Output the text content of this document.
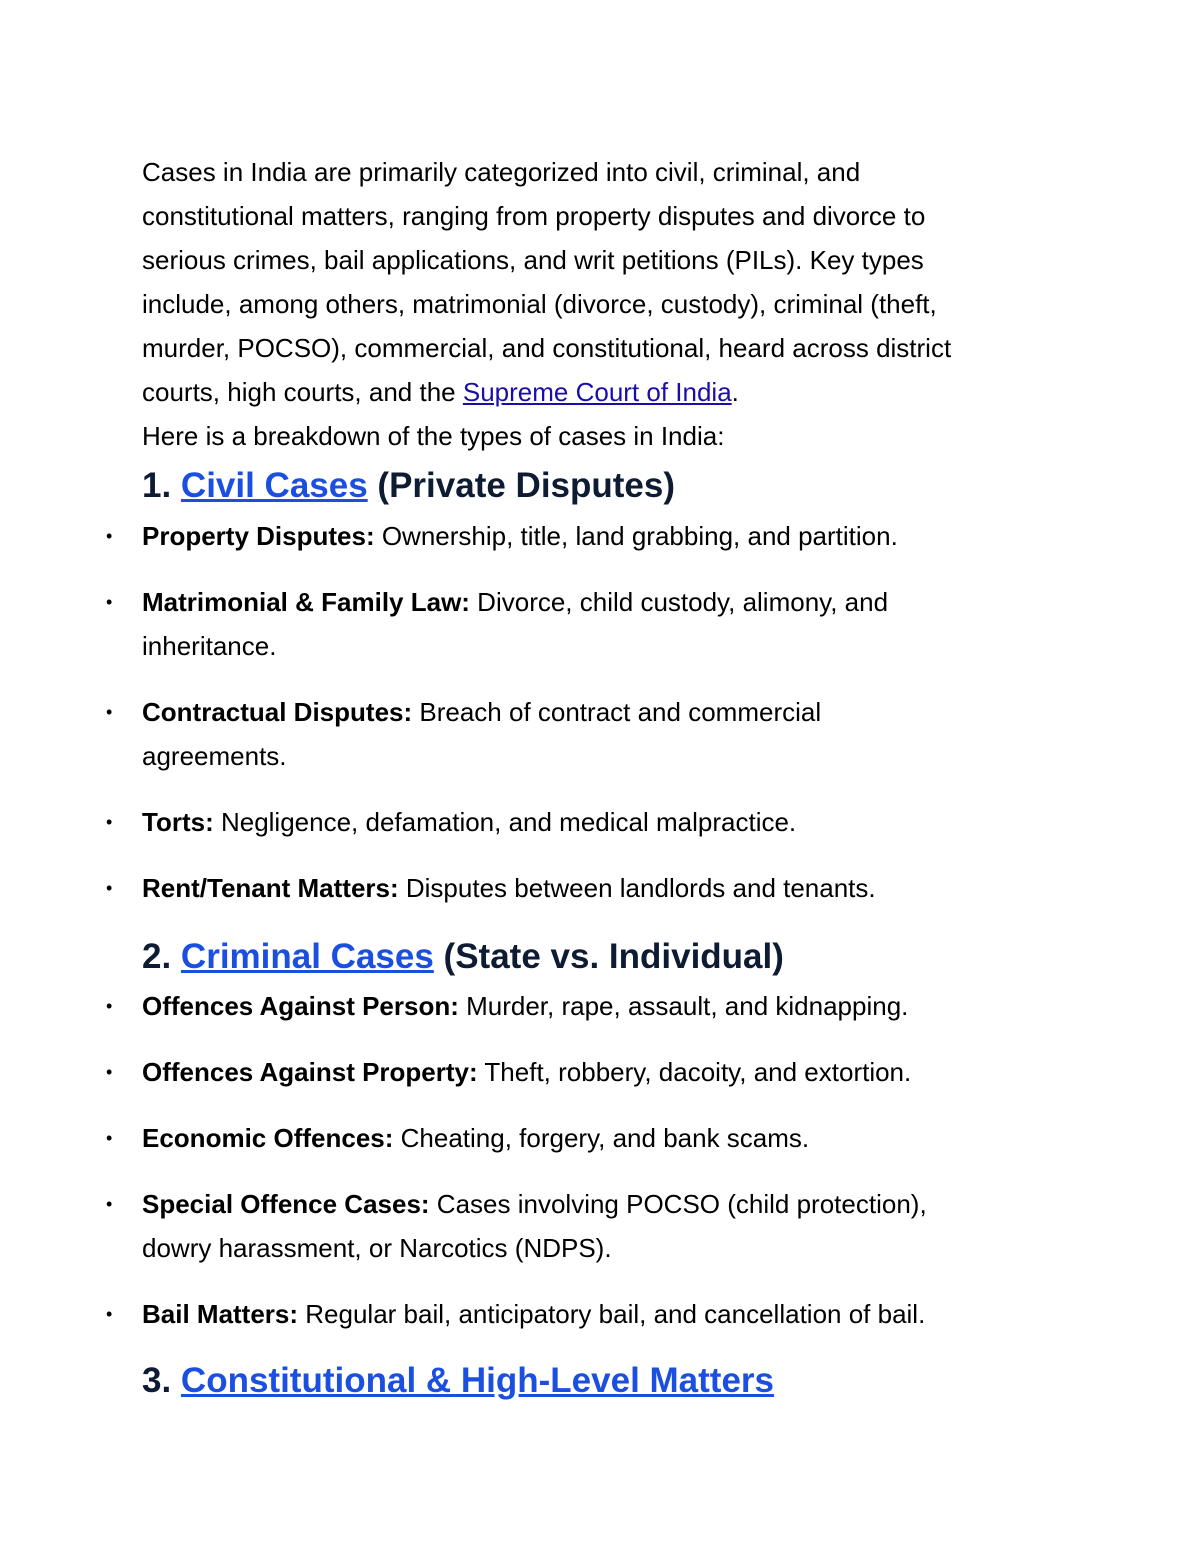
Cases in India are primarily categorized into civil, criminal, and
constitutional matters, ranging from property disputes and divorce to
serious crimes, bail applications, and writ petitions (PILs). Key types
include, among others, matrimonial (divorce, custody), criminal (theft,
murder, POCSO), commercial, and constitutional, heard across district
courts, high courts, and the Supreme Court of India.
Here is a breakdown of the types of cases in India:

1. Civil Cases (Private Disputes)
• Property Disputes: Ownership, title, land grabbing, and partition.
• Matrimonial & Family Law: Divorce, child custody, alimony, and
inheritance.
• Contractual Disputes: Breach of contract and commercial
agreements.
• Torts: Negligence, defamation, and medical malpractice.
• Rent/Tenant Matters: Disputes between landlords and tenants.
2. Criminal Cases (State vs. Individual)
• Offences Against Person: Murder, rape, assault, and kidnapping.
• Offences Against Property: Theft, robbery, dacoity, and extortion.
• Economic Offences: Cheating, forgery, and bank scams.
• Special Offence Cases: Cases involving POCSO (child protection),
dowry harassment, or Narcotics (NDPS).
• Bail Matters: Regular bail, anticipatory bail, and cancellation of bail.
3. Constitutional & High-Level Matters
